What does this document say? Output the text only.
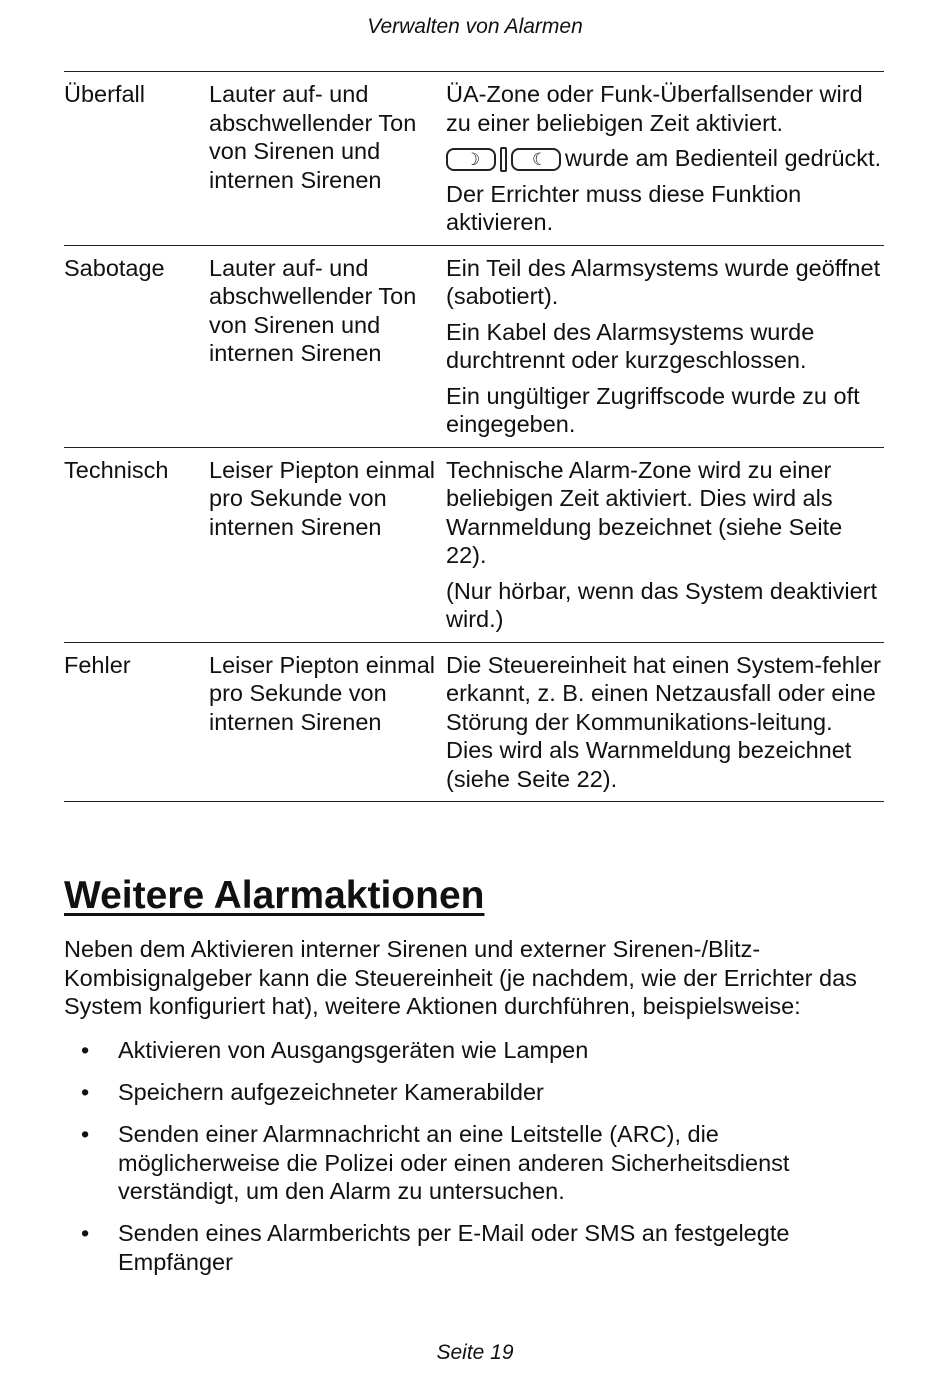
Verwalten von Alarmen
Überfall	Lauter auf- und abschwellender Ton von Sirenen und internen Sirenen	ÜA-Zone oder Funk-Überfallsender wird zu einer beliebigen Zeit aktiviert.

☽ ☾ wurde am Bedienteil gedrückt.

Der Errichter muss diese Funktion aktivieren.

Sabotage	Lauter auf- und abschwellender Ton von Sirenen und internen Sirenen	Ein Teil des Alarmsystems wurde geöffnet (sabotiert).

Ein Kabel des Alarmsystems wurde durchtrennt oder kurzgeschlossen.

Ein ungültiger Zugriffscode wurde zu oft eingegeben.

Technisch	Leiser Piepton einmal pro Sekunde von internen Sirenen	Technische Alarm-Zone wird zu einer beliebigen Zeit aktiviert. Dies wird als Warnmeldung bezeichnet (siehe Seite 22).

(Nur hörbar, wenn das System deaktiviert wird.)

Fehler	Leiser Piepton einmal pro Sekunde von internen Sirenen	Die Steuereinheit hat einen System-fehler erkannt, z. B. einen Netzausfall oder eine Störung der Kommunikations-leitung. Dies wird als Warnmeldung bezeichnet (siehe Seite 22).

Weitere Alarmaktionen

Neben dem Aktivieren interner Sirenen und externer Sirenen-/Blitz-Kombisignalgeber kann die Steuereinheit (je nachdem, wie der Errichter das System konfiguriert hat), weitere Aktionen durchführen, beispielsweise:

• Aktivieren von Ausgangsgeräten wie Lampen
• Speichern aufgezeichneter Kamerabilder
• Senden einer Alarmnachricht an eine Leitstelle (ARC), die möglicherweise die Polizei oder einen anderen Sicherheitsdienst verständigt, um den Alarm zu untersuchen.
• Senden eines Alarmberichts per E-Mail oder SMS an festgelegte Empfänger
Seite 19
